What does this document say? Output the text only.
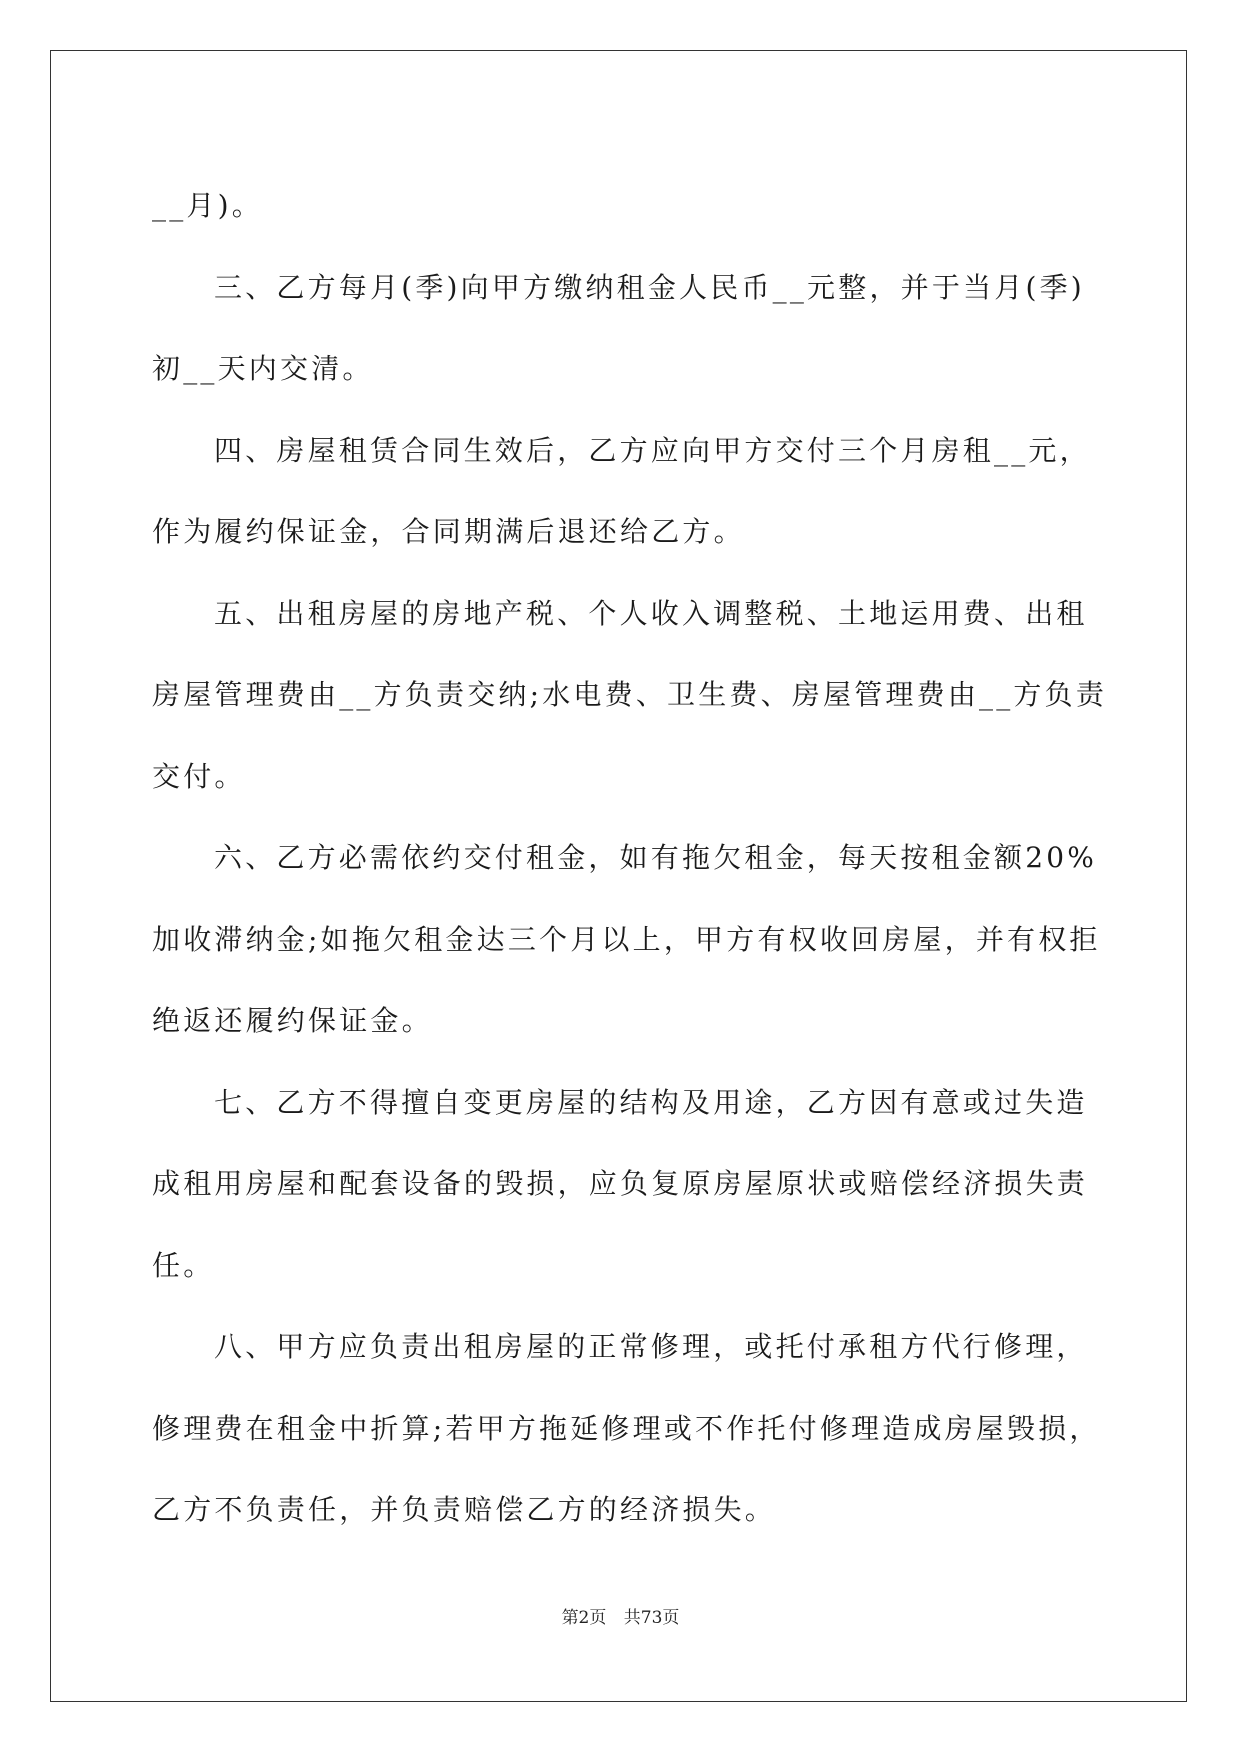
__月)。
三、乙方每月(季)向甲方缴纳租金人民币__元整，并于当月(季)
初__天内交清。
四、房屋租赁合同生效后，乙方应向甲方交付三个月房租__元，
作为履约保证金，合同期满后退还给乙方。
五、出租房屋的房地产税、个人收入调整税、土地运用费、出租
房屋管理费由__方负责交纳;水电费、卫生费、房屋管理费由__方负责
交付。
六、乙方必需依约交付租金，如有拖欠租金，每天按租金额20%
加收滞纳金;如拖欠租金达三个月以上，甲方有权收回房屋，并有权拒
绝返还履约保证金。
七、乙方不得擅自变更房屋的结构及用途，乙方因有意或过失造
成租用房屋和配套设备的毁损，应负复原房屋原状或赔偿经济损失责
任。
八、甲方应负责出租房屋的正常修理，或托付承租方代行修理，
修理费在租金中折算;若甲方拖延修理或不作托付修理造成房屋毁损，
乙方不负责任，并负责赔偿乙方的经济损失。
第2页 共73页
